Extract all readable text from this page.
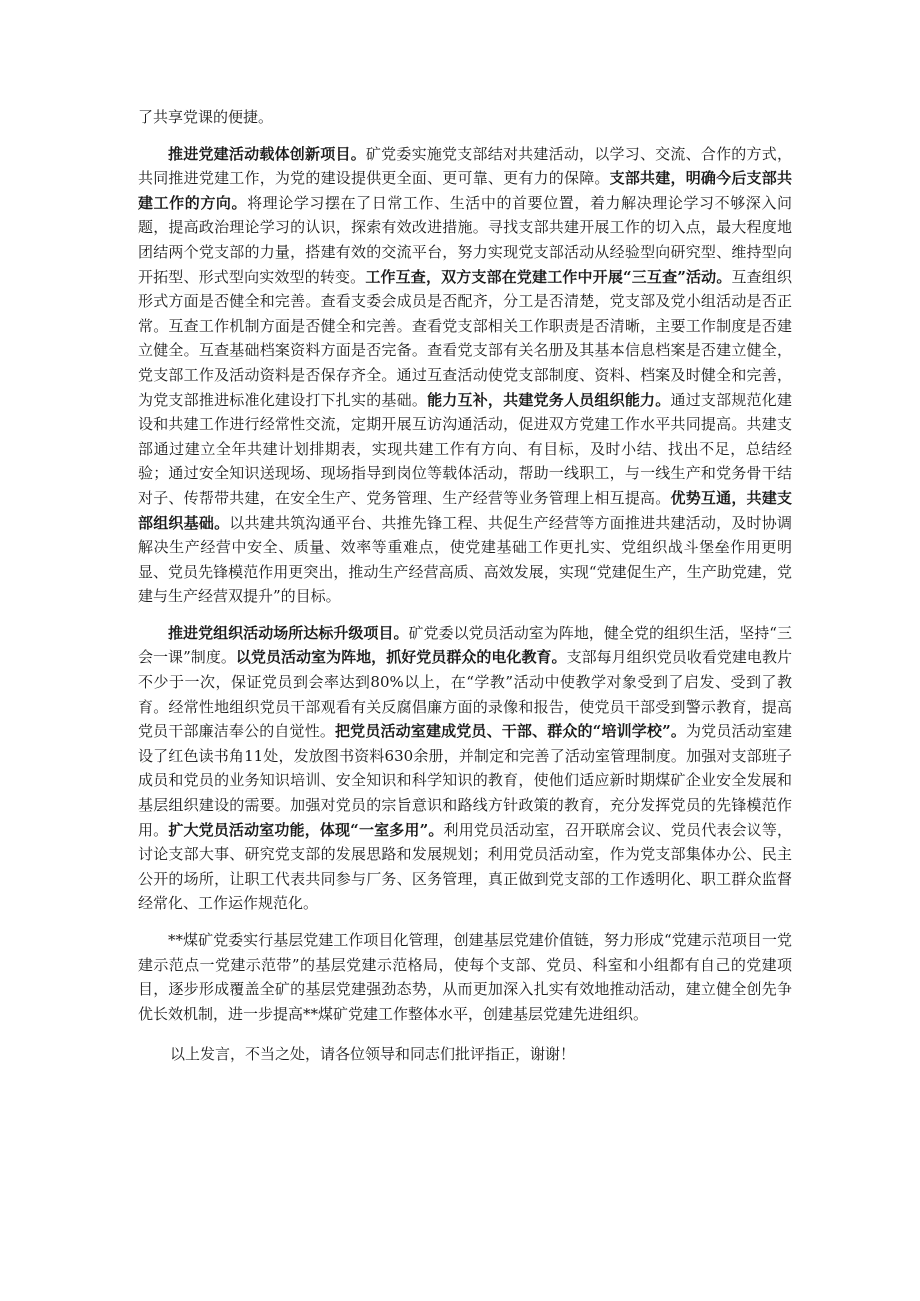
了共享党课的便捷。

推进党建活动载体创新项目。矿党委实施党支部结对共建活动，以学习、交流、合作的方式，共同推进党建工作，为党的建设提供更全面、更可靠、更有力的保障。支部共建，明确今后支部共建工作的方向。将理论学习摆在了日常工作、生活中的首要位置，着力解决理论学习不够深入问题，提高政治理论学习的认识，探索有效改进措施。寻找支部共建开展工作的切入点，最大程度地团结两个党支部的力量，搭建有效的交流平台，努力实现党支部活动从经验型向研究型、维持型向开拓型、形式型向实效型的转变。工作互查，双方支部在党建工作中开展“三互查”活动。互查组织形式方面是否健全和完善。查看支委会成员是否配齐，分工是否清楚，党支部及党小组活动是否正常。互查工作机制方面是否健全和完善。查看党支部相关工作职责是否清晰，主要工作制度是否建立健全。互查基础档案资料方面是否完备。查看党支部有关名册及其基本信息档案是否建立健全，党支部工作及活动资料是否保存齐全。通过互查活动使党支部制度、资料、档案及时健全和完善，为党支部推进标准化建设打下扎实的基础。能力互补，共建党务人员组织能力。通过支部规范化建设和共建工作进行经常性交流，定期开展互访沟通活动，促进双方党建工作水平共同提高。共建支部通过建立全年共建计划排期表，实现共建工作有方向、有目标，及时小结、找出不足，总结经验；通过安全知识送现场、现场指导到岗位等载体活动，帮助一线职工，与一线生产和党务骨干结对子、传帮带共建，在安全生产、党务管理、生产经营等业务管理上相互提高。优势互通，共建支部组织基础。以共建共筑沟通平台、共推先锋工程、共促生产经营等方面推进共建活动，及时协调解决生产经营中安全、质量、效率等重难点，使党建基础工作更扎实、党组织战斗堡垒作用更明显、党员先锋模范作用更突出，推动生产经营高质、高效发展，实现“党建促生产，生产助党建，党建与生产经营双提升”的目标。

推进党组织活动场所达标升级项目。矿党委以党员活动室为阵地，健全党的组织生活，坚持“三会一课”制度。以党员活动室为阵地，抓好党员群众的电化教育。支部每月组织党员收看党建电教片不少于一次，保证党员到会率达到80%以上，在“学教”活动中使教学对象受到了启发、受到了教育。经常性地组织党员干部观看有关反腐倡廉方面的录像和报告，使党员干部受到警示教育，提高党员干部廉洁奉公的自觉性。把党员活动室建成党员、干部、群众的“培训学校”。为党员活动室建设了红色读书角11处，发放图书资料630余册，并制定和完善了活动室管理制度。加强对支部班子成员和党员的业务知识培训、安全知识和科学知识的教育，使他们适应新时期煤矿企业安全发展和基层组织建设的需要。加强对党员的宗旨意识和路线方针政策的教育，充分发挥党员的先锋模范作用。扩大党员活动室功能，体现“一室多用”。利用党员活动室，召开联席会议、党员代表会议等，讨论支部大事、研究党支部的发展思路和发展规划；利用党员活动室，作为党支部集体办公、民主公开的场所，让职工代表共同参与厂务、区务管理，真正做到党支部的工作透明化、职工群众监督经常化、工作运作规范化。

**煤矿党委实行基层党建工作项目化管理，创建基层党建价值链，努力形成“党建示范项目一党建示范点一党建示范带”的基层党建示范格局，使每个支部、党员、科室和小组都有自己的党建项目，逐步形成覆盖全矿的基层党建强劲态势，从而更加深入扎实有效地推动活动，建立健全创先争优长效机制，进一步提高**煤矿党建工作整体水平，创建基层党建先进组织。

以上发言，不当之处，请各位领导和同志们批评指正，谢谢！
